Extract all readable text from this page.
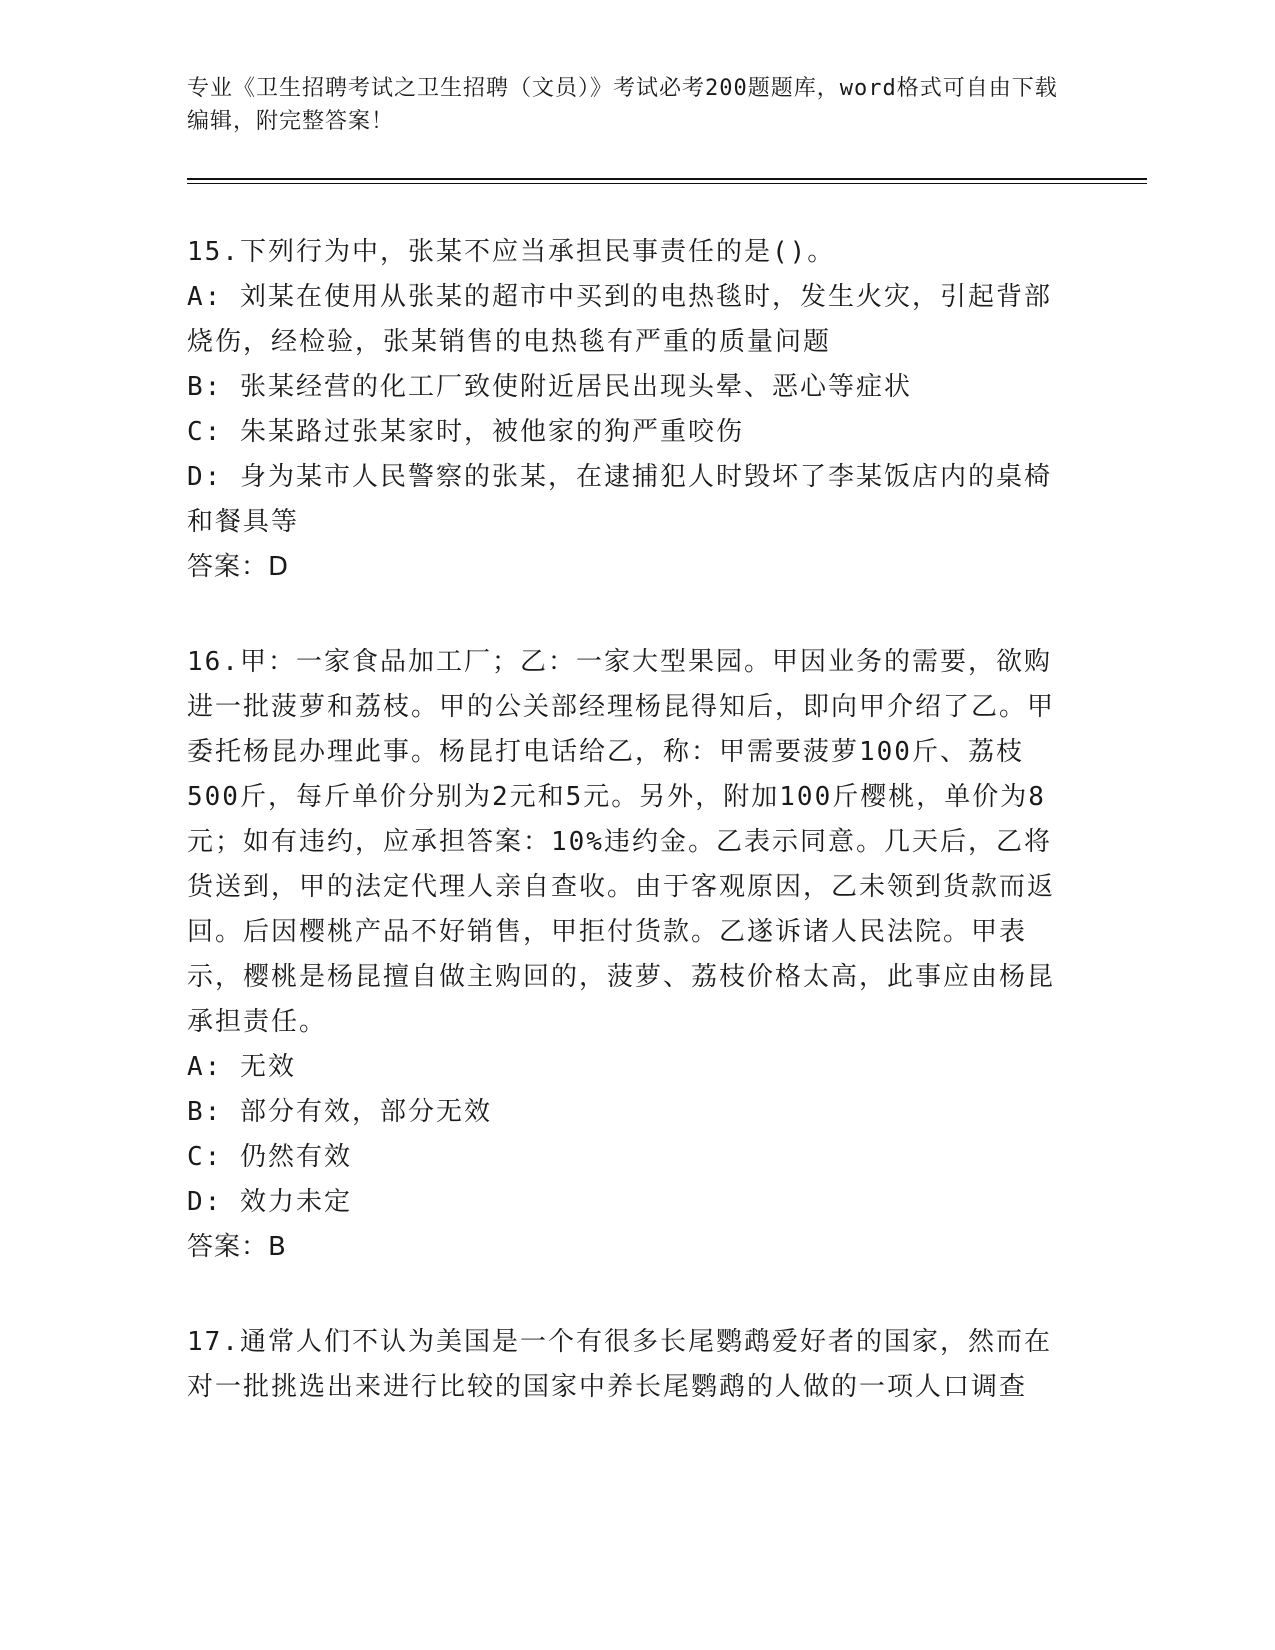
专业《卫生招聘考试之卫生招聘（文员）》考试必考200题题库，word格式可自由下载编辑，附完整答案！

15.下列行为中，张某不应当承担民事责任的是()。

A: 刘某在使用从张某的超市中买到的电热毯时，发生火灾，引起背部烧伤，经检验，张某销售的电热毯有严重的质量问题

B: 张某经营的化工厂致使附近居民出现头晕、恶心等症状

C: 朱某路过张某家时，被他家的狗严重咬伤

D: 身为某市人民警察的张某，在逮捕犯人时毁坏了李某饭店内的桌椅和餐具等

答案：D

16.甲：一家食品加工厂；乙：一家大型果园。甲因业务的需要，欲购进一批菠萝和荔枝。甲的公关部经理杨昆得知后，即向甲介绍了乙。甲委托杨昆办理此事。杨昆打电话给乙，称：甲需要菠萝100斤、荔枝500斤，每斤单价分别为2元和5元。另外，附加100斤樱桃，单价为8元；如有违约，应承担答案：10%违约金。乙表示同意。几天后，乙将货送到，甲的法定代理人亲自查收。由于客观原因，乙未领到货款而返回。后因樱桃产品不好销售，甲拒付货款。乙遂诉诸人民法院。甲表示，樱桃是杨昆擅自做主购回的，菠萝、荔枝价格太高，此事应由杨昆承担责任。

A: 无效

B: 部分有效，部分无效

C: 仍然有效

D: 效力未定

答案：B

17.通常人们不认为美国是一个有很多长尾鹦鹉爱好者的国家，然而在对一批挑选出来进行比较的国家中养长尾鹦鹉的人做的一项人口调查
